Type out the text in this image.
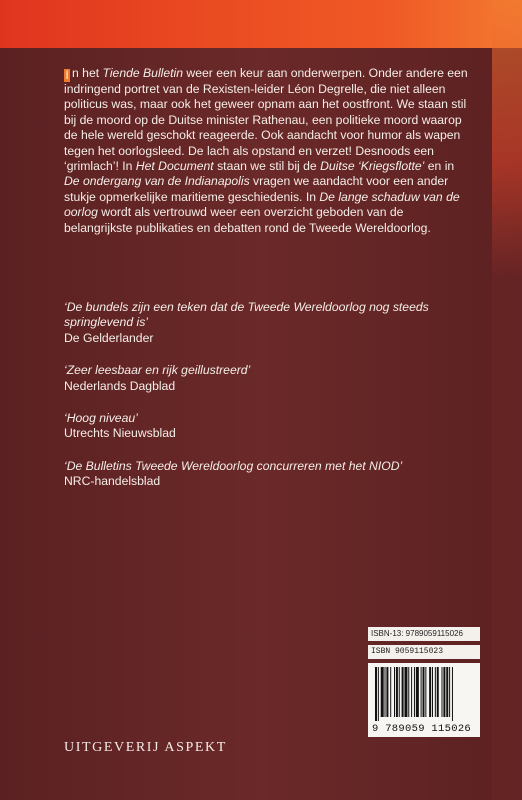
I n het Tiende Bulletin weer een keur aan onderwerpen. Onder andere een indringend portret van de Rexisten-leider Léon Degrelle, die niet alleen politicus was, maar ook het geweer opnam aan het oostfront. We staan stil bij de moord op de Duitse minister Rathenau, een politieke moord waarop de hele wereld geschokt reageerde. Ook aandacht voor humor als wapen tegen het oorlogsleed. De lach als opstand en verzet! Desnoods een ‘grimlach’! In Het Document staan we stil bij de Duitse ‘Kriegsflotte’ en in De ondergang van de Indianapolis vragen we aandacht voor een ander stukje opmerkelijke maritieme geschiedenis. In De lange schaduw van de oorlog wordt als vertrouwd weer een overzicht geboden van de belangrijkste publikaties en debatten rond de Tweede Wereldoorlog.

‘De bundels zijn een teken dat de Tweede Wereldoorlog nog steeds springlevend is’
De Gelderlander
‘Zeer leesbaar en rijk geillustreerd’
Nederlands Dagblad
‘Hoog niveau’
Utrechts Nieuwsblad
‘De Bulletins Tweede Wereldoorlog concurreren met het NIOD’
NRC-handelsblad
ISBN-13: 9789059115026
ISBN 9059115023
9 789059 115026
UITGEVERIJ ASPEKT
